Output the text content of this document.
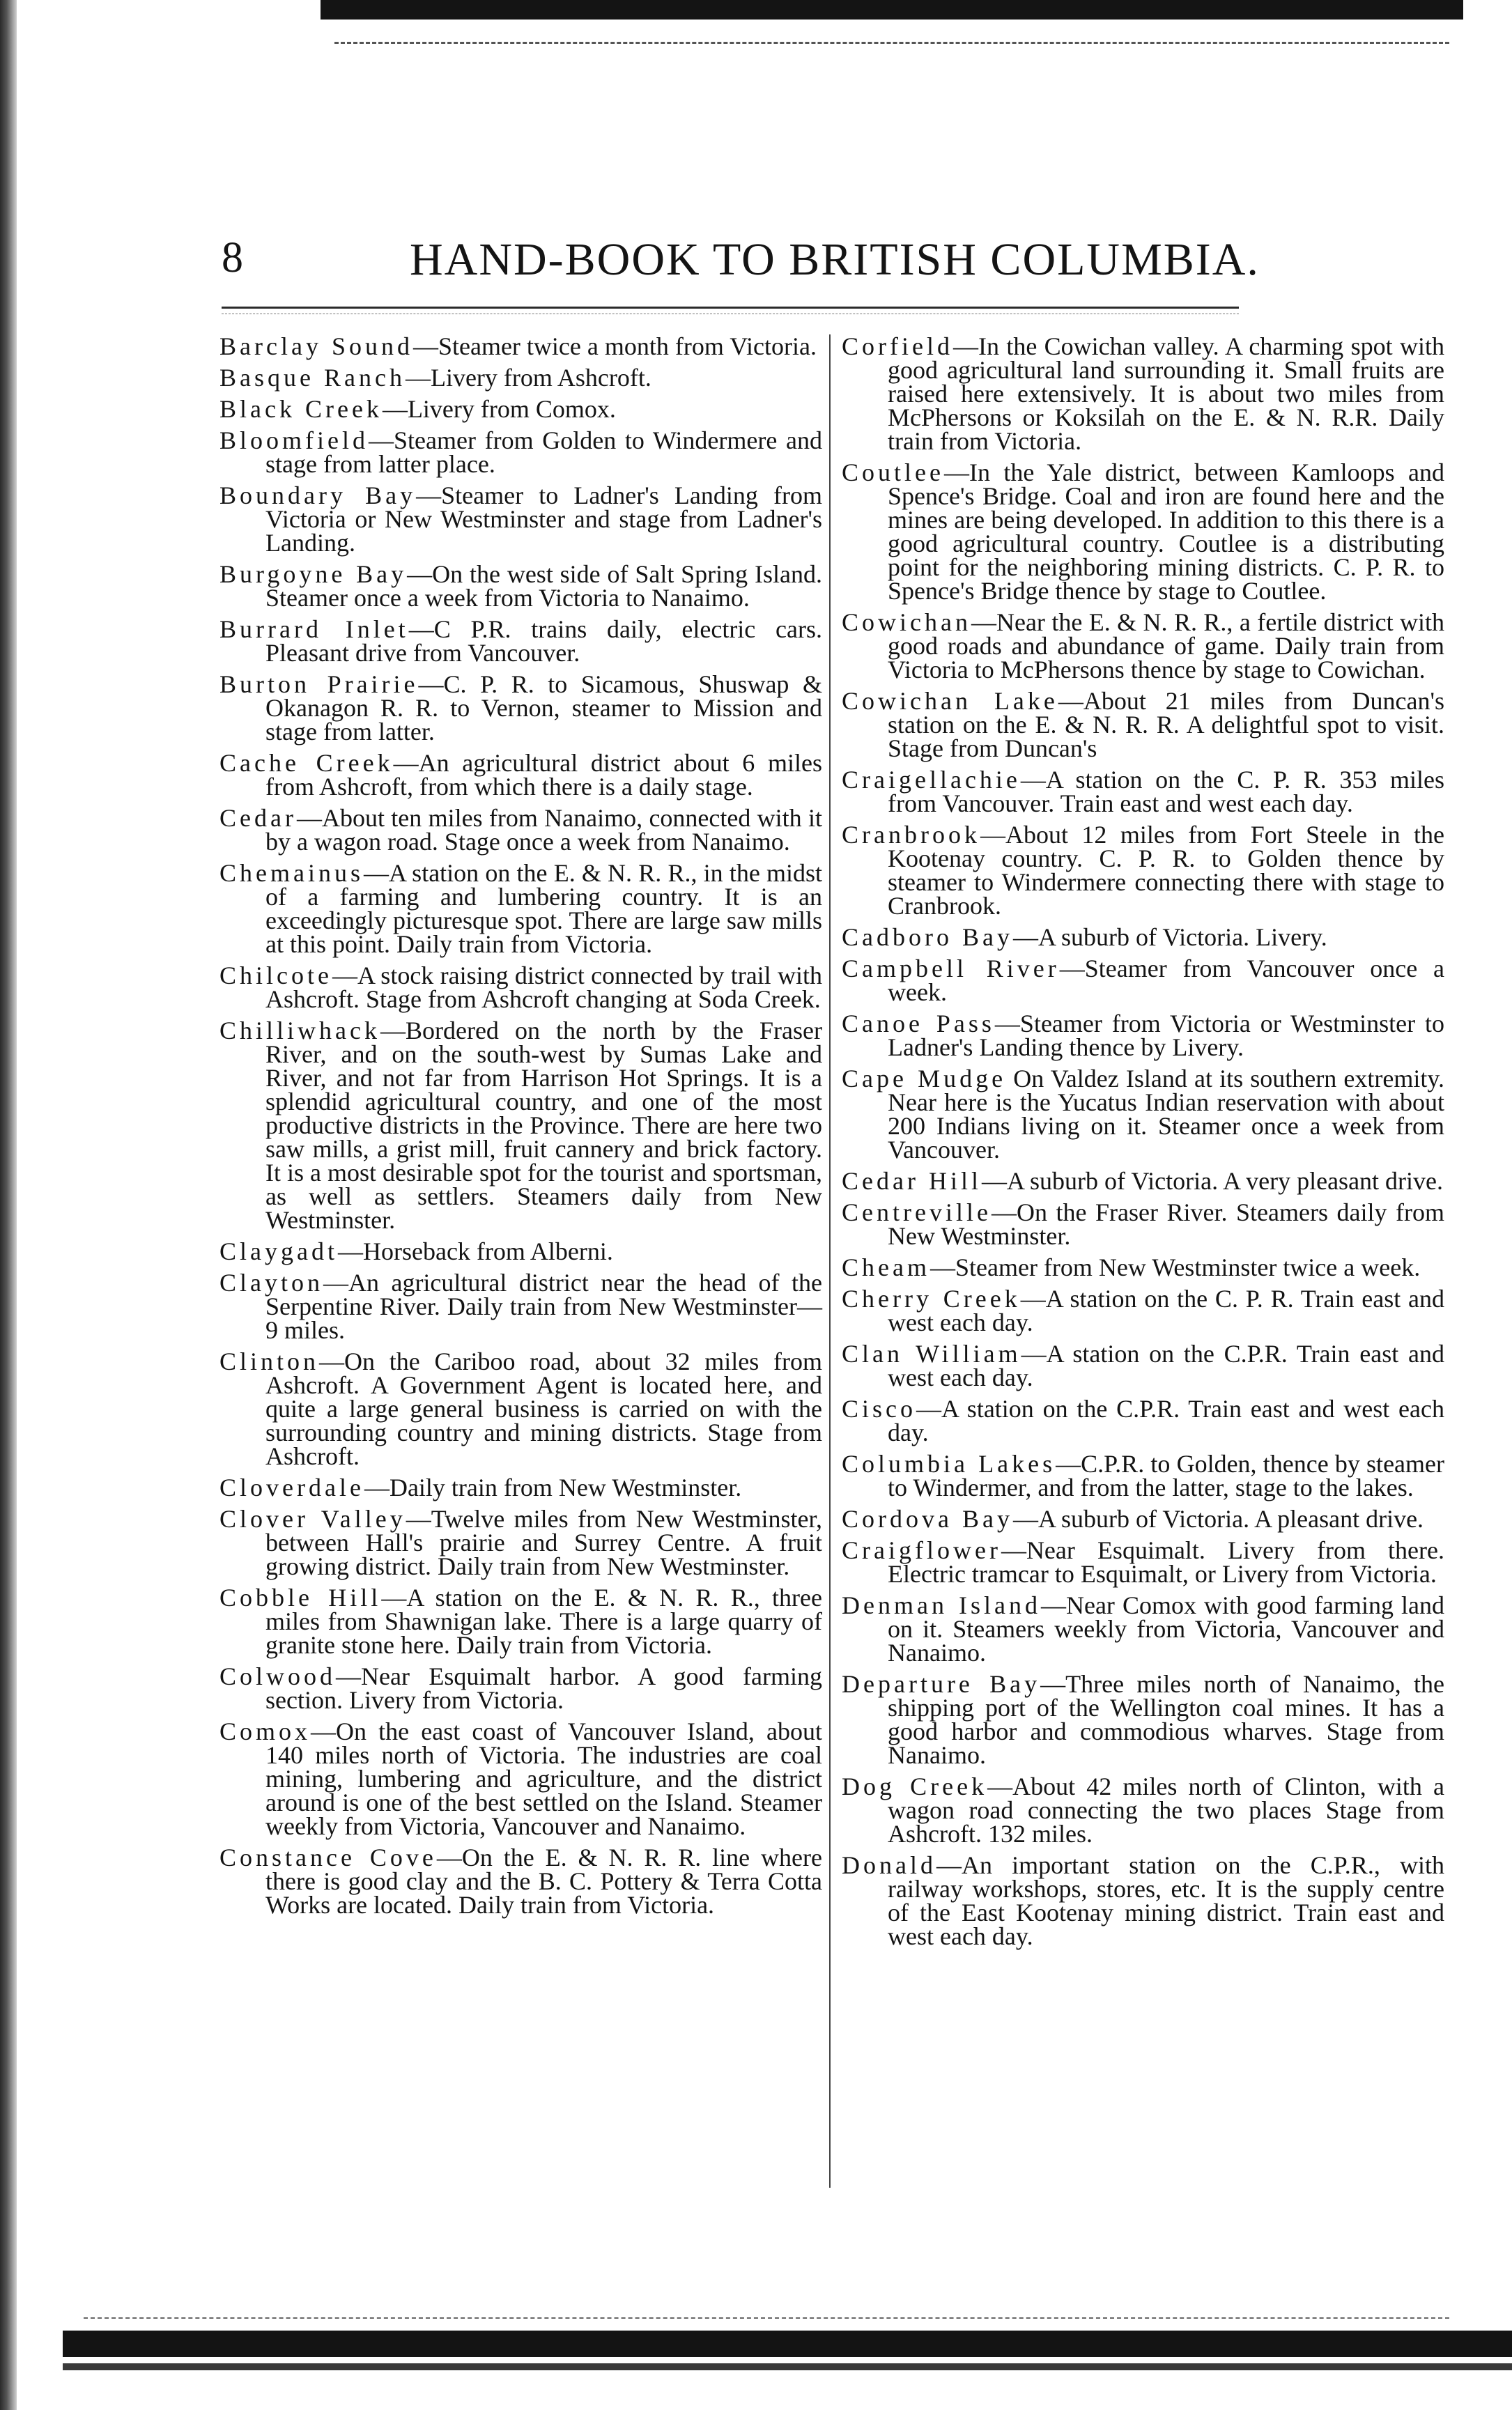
8	HAND-BOOK TO BRITISH COLUMBIA.

Barclay Sound—Steamer twice a month from Victoria.

Basque Ranch—Livery from Ashcroft.

Black Creek—Livery from Comox.

Bloomfield—Steamer from Golden to Windermere and stage from latter place.

Boundary Bay—Steamer to Ladner's Landing from Victoria or New Westminster and stage from Ladner's Landing.

Burgoyne Bay—On the west side of Salt Spring Island. Steamer once a week from Victoria to Nanaimo.

Burrard Inlet—C P.R. trains daily, electric cars. Pleasant drive from Vancouver.

Burton Prairie—C. P. R. to Sicamous, Shuswap & Okanagon R. R. to Vernon, steamer to Mission and stage from latter.

Cache Creek—An agricultural district about 6 miles from Ashcroft, from which there is a daily stage.

Cedar—About ten miles from Nanaimo, connected with it by a wagon road. Stage once a week from Nanaimo.

Chemainus—A station on the E. & N. R. R., in the midst of a farming and lumbering country. It is an exceedingly picturesque spot. There are large saw mills at this point. Daily train from Victoria.

Chilcote—A stock raising district connected by trail with Ashcroft. Stage from Ashcroft changing at Soda Creek.

Chilliwhack—Bordered on the north by the Fraser River, and on the south-west by Sumas Lake and River, and not far from Harrison Hot Springs. It is a splendid agricultural country, and one of the most productive districts in the Province. There are here two saw mills, a grist mill, fruit cannery and brick factory. It is a most desirable spot for the tourist and sportsman, as well as settlers. Steamers daily from New Westminster.

Claygadt—Horseback from Alberni.

Clayton—An agricultural district near the head of the Serpentine River. Daily train from New Westminster—9 miles.

Clinton—On the Cariboo road, about 32 miles from Ashcroft. A Government Agent is located here, and quite a large general business is carried on with the surrounding country and mining districts. Stage from Ashcroft.

Cloverdale—Daily train from New Westminster.

Clover Valley—Twelve miles from New Westminster, between Hall's prairie and Surrey Centre. A fruit growing district. Daily train from New Westminster.

Cobble Hill—A station on the E. & N. R. R., three miles from Shawnigan lake. There is a large quarry of granite stone here. Daily train from Victoria.

Colwood—Near Esquimalt harbor. A good farming section. Livery from Victoria.

Comox—On the east coast of Vancouver Island, about 140 miles north of Victoria. The industries are coal mining, lumbering and agriculture, and the district around is one of the best settled on the Island. Steamer weekly from Victoria, Vancouver and Nanaimo.

Constance Cove—On the E. & N. R. R. line where there is good clay and the B. C. Pottery & Terra Cotta Works are located. Daily train from Victoria.

Corfield—In the Cowichan valley. A charming spot with good agricultural land surrounding it. Small fruits are raised here extensively. It is about two miles from McPhersons or Koksilah on the E. & N. R.R. Daily train from Victoria.

Coutlee—In the Yale district, between Kamloops and Spence's Bridge. Coal and iron are found here and the mines are being developed. In addition to this there is a good agricultural country. Coutlee is a distributing point for the neighboring mining districts. C. P. R. to Spence's Bridge thence by stage to Coutlee.

Cowichan—Near the E. & N. R. R., a fertile district with good roads and abundance of game. Daily train from Victoria to McPhersons thence by stage to Cowichan.

Cowichan Lake—About 21 miles from Duncan's station on the E. & N. R. R. A delightful spot to visit. Stage from Duncan's

Craigellachie—A station on the C. P. R. 353 miles from Vancouver. Train east and west each day.

Cranbrook—About 12 miles from Fort Steele in the Kootenay country. C. P. R. to Golden thence by steamer to Windermere connecting there with stage to Cranbrook.

Cadboro Bay—A suburb of Victoria. Livery.

Campbell River—Steamer from Vancouver once a week.

Canoe Pass—Steamer from Victoria or Westminster to Ladner's Landing thence by Livery.

Cape Mudge On Valdez Island at its southern extremity. Near here is the Yucatus Indian reservation with about 200 Indians living on it. Steamer once a week from Vancouver.

Cedar Hill—A suburb of Victoria. A very pleasant drive.

Centreville—On the Fraser River. Steamers daily from New Westminster.

Cheam—Steamer from New Westminster twice a week.

Cherry Creek—A station on the C. P. R. Train east and west each day.

Clan William—A station on the C.P.R. Train east and west each day.

Cisco—A station on the C.P.R. Train east and west each day.

Columbia Lakes—C.P.R. to Golden, thence by steamer to Windermer, and from the latter, stage to the lakes.

Cordova Bay—A suburb of Victoria. A pleasant drive.

Craigflower—Near Esquimalt. Livery from there. Electric tramcar to Esquimalt, or Livery from Victoria.

Denman Island—Near Comox with good farming land on it. Steamers weekly from Victoria, Vancouver and Nanaimo.

Departure Bay—Three miles north of Nanaimo, the shipping port of the Wellington coal mines. It has a good harbor and commodious wharves. Stage from Nanaimo.

Dog Creek—About 42 miles north of Clinton, with a wagon road connecting the two places Stage from Ashcroft. 132 miles.

Donald—An important station on the C.P.R., with railway workshops, stores, etc. It is the supply centre of the East Kootenay mining district. Train east and west each day.
